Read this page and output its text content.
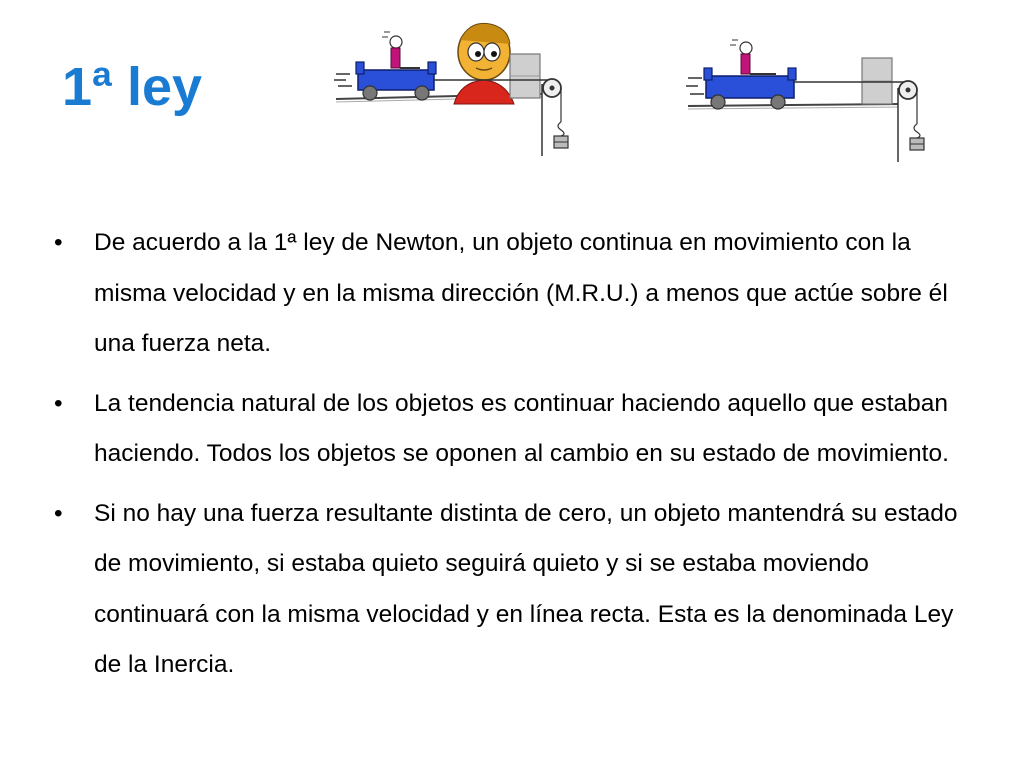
1ª ley
•	De acuerdo a la 1ª ley de Newton, un objeto continua en movimiento con la misma velocidad y en la misma dirección (M.R.U.) a menos que actúe sobre él una fuerza neta.
•	La tendencia natural de los objetos es continuar haciendo aquello que estaban haciendo. Todos los objetos se oponen al cambio en su estado de movimiento.
•	Si no hay una fuerza resultante distinta de cero, un objeto mantendrá su estado de movimiento, si estaba quieto seguirá quieto y si se estaba moviendo continuará con la misma velocidad y en línea recta. Esta es la denominada Ley de la Inercia.
